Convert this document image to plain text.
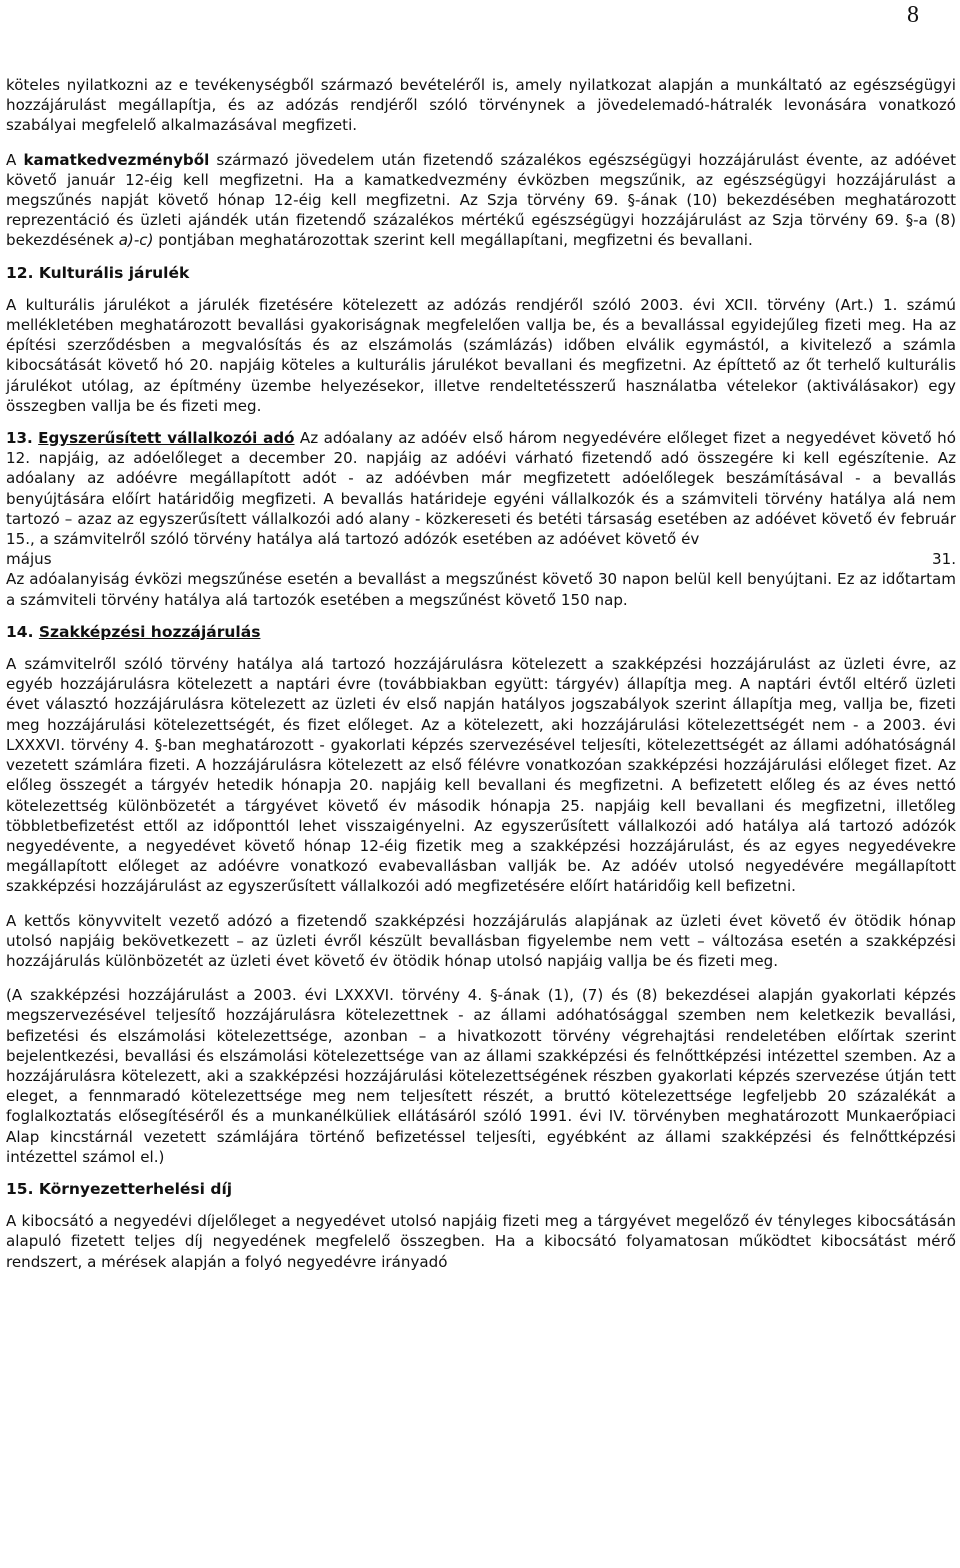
8

köteles nyilatkozni az e tevékenységből származó bevételéről is, amely nyilatkozat alapján a munkáltató az egészségügyi hozzájárulást megállapítja, és az adózás rendjéről szóló törvénynek a jövedelemadó-hátralék levonására vonatkozó szabályai megfelelő alkalmazásával megfizeti.

A kamatkedvezményből származó jövedelem után fizetendő százalékos egészségügyi hozzájárulást évente, az adóévet követő január 12-éig kell megfizetni. Ha a kamatkedvezmény évközben megszűnik, az egészségügyi hozzájárulást a megszűnés napját követő hónap 12-éig kell megfizetni. Az Szja törvény 69. §-ának (10) bekezdésében meghatározott reprezentáció és üzleti ajándék után fizetendő százalékos mértékű egészségügyi hozzájárulást az Szja törvény 69. §-a (8) bekezdésének a)-c) pontjában meghatározottak szerint kell megállapítani, megfizetni és bevallani.

12. Kulturális járulék

A kulturális járulékot a járulék fizetésére kötelezett az adózás rendjéről szóló 2003. évi XCII. törvény (Art.) 1. számú mellékletében meghatározott bevallási gyakoriságnak megfelelően vallja be, és a bevallással egyidejűleg fizeti meg. Ha az építési szerződésben a megvalósítás és az elszámolás (számlázás) időben elválik egymástól, a kivitelező a számla kibocsátását követő hó 20. napjáig köteles a kulturális járulékot bevallani és megfizetni. Az építtető az őt terhelő kulturális járulékot utólag, az építmény üzembe helyezésekor, illetve rendeltetésszerű használatba vételekor (aktiválásakor) egy összegben vallja be és fizeti meg.

13. Egyszerűsített vállalkozói adó Az adóalany az adóév első három negyedévére előleget fizet a negyedévet követő hó 12. napjáig, az adóelőleget a december 20. napjáig az adóévi várható fizetendő adó összegére ki kell egészítenie. Az adóalany az adóévre megállapított adót - az adóévben már megfizetett adóelőlegek beszámításával - a bevallás benyújtására előírt határidőig megfizeti. A bevallás határideje egyéni vállalkozók és a számviteli törvény hatálya alá nem tartozó – azaz az egyszerűsített vállalkozói adó alany - közkereseti és betéti társaság esetében az adóévet követő év február 15., a számvitelről szóló törvény hatálya alá tartozó adózók esetében az adóévet követő év

május	31.

Az adóalanyiság évközi megszűnése esetén a bevallást a megszűnést követő 30 napon belül kell benyújtani. Ez az időtartam a számviteli törvény hatálya alá tartozók esetében a megszűnést követő 150 nap.

14. Szakképzési hozzájárulás

A számvitelről szóló törvény hatálya alá tartozó hozzájárulásra kötelezett a szakképzési hozzájárulást az üzleti évre, az egyéb hozzájárulásra kötelezett a naptári évre (továbbiakban együtt: tárgyév) állapítja meg. A naptári évtől eltérő üzleti évet választó hozzájárulásra kötelezett az üzleti év első napján hatályos jogszabályok szerint állapítja meg, vallja be, fizeti meg hozzájárulási kötelezettségét, és fizet előleget. Az a kötelezett, aki hozzájárulási kötelezettségét nem - a 2003. évi LXXXVI. törvény 4. §-ban meghatározott - gyakorlati képzés szervezésével teljesíti, kötelezettségét az állami adóhatóságnál vezetett számlára fizeti. A hozzájárulásra kötelezett az első félévre vonatkozóan szakképzési hozzájárulási előleget fizet. Az előleg összegét a tárgyév hetedik hónapja 20. napjáig kell bevallani és megfizetni. A befizetett előleg és az éves nettó kötelezettség különbözetét a tárgyévet követő év második hónapja 25. napjáig kell bevallani és megfizetni, illetőleg többletbefizetést ettől az időponttól lehet visszaigényelni. Az egyszerűsített vállalkozói adó hatálya alá tartozó adózók negyedévente, a negyedévet követő hónap 12-éig fizetik meg a szakképzési hozzájárulást, és az egyes negyedévekre megállapított előleget az adóévre vonatkozó evabevallásban vallják be. Az adóév utolsó negyedévére megállapított szakképzési hozzájárulást az egyszerűsített vállalkozói adó megfizetésére előírt határidőig kell befizetni.

A kettős könyvvitelt vezető adózó a fizetendő szakképzési hozzájárulás alapjának az üzleti évet követő év ötödik hónap utolsó napjáig bekövetkezett – az üzleti évről készült bevallásban figyelembe nem vett – változása esetén a szakképzési hozzájárulás különbözetét az üzleti évet követő év ötödik hónap utolsó napjáig vallja be és fizeti meg.

(A szakképzési hozzájárulást a 2003. évi LXXXVI. törvény 4. §-ának (1), (7) és (8) bekezdései alapján gyakorlati képzés megszervezésével teljesítő hozzájárulásra kötelezettnek - az állami adóhatósággal szemben nem keletkezik bevallási, befizetési és elszámolási kötelezettsége, azonban – a hivatkozott törvény végrehajtási rendeletében előírtak szerint bejelentkezési, bevallási és elszámolási kötelezettsége van az állami szakképzési és felnőttképzési intézettel szemben. Az a hozzájárulásra kötelezett, aki a szakképzési hozzájárulási kötelezettségének részben gyakorlati képzés szervezése útján tett eleget, a fennmaradó kötelezettsége meg nem teljesített részét, a bruttó kötelezettsége legfeljebb 20 százalékát a foglalkoztatás elősegítéséről és a munkanélküliek ellátásáról szóló 1991. évi IV. törvényben meghatározott Munkaerőpiaci Alap kincstárnál vezetett számlájára történő befizetéssel teljesíti, egyébként az állami szakképzési és felnőttképzési intézettel számol el.)

15. Környezetterhelési díj

A kibocsátó a negyedévi díjelőleget a negyedévet utolsó napjáig fizeti meg a tárgyévet megelőző év tényleges kibocsátásán alapuló fizetett teljes díj negyedének megfelelő összegben. Ha a kibocsátó folyamatosan működtet kibocsátást mérő rendszert, a mérések alapján a folyó negyedévre irányadó
